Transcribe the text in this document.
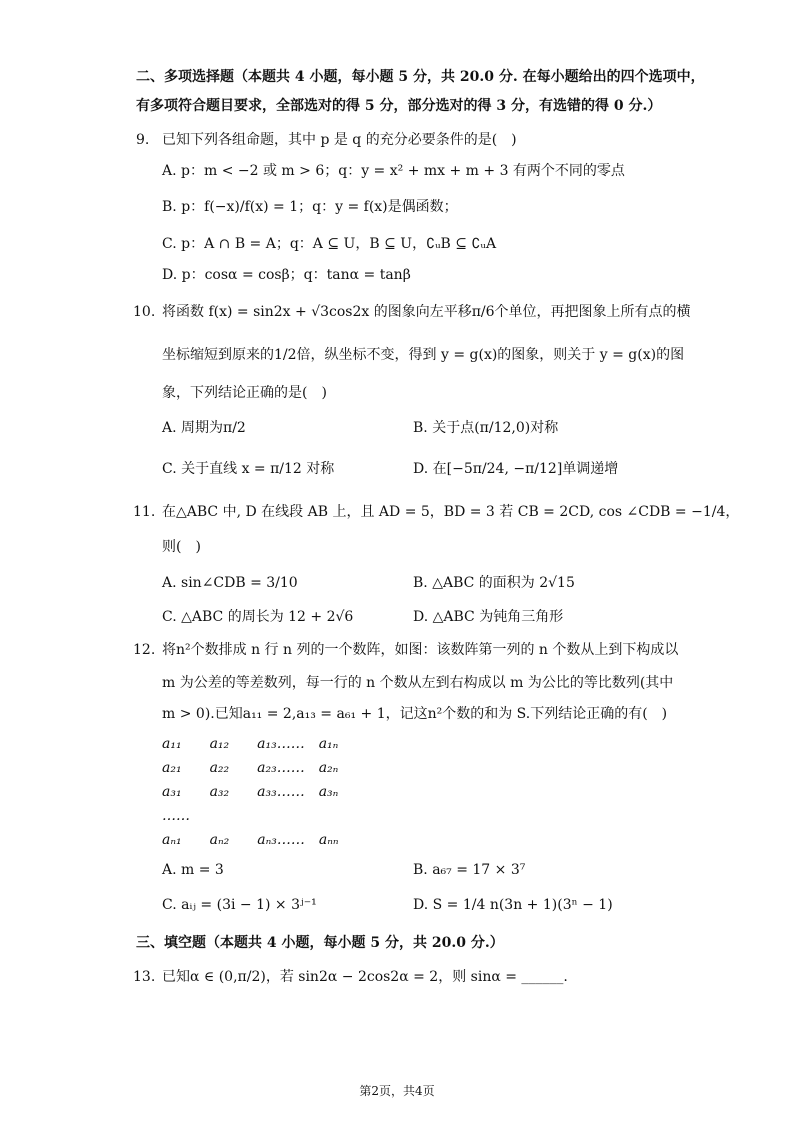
二、多项选择题（本题共 4 小题，每小题 5 分，共 20.0 分. 在每小题给出的四个选项中，
有多项符合题目要求，全部选对的得 5 分，部分选对的得 3 分，有选错的得 0 分.）
9. 已知下列各组命题，其中 p 是 q 的充分必要条件的是(　)
A. p：m < −2 或 m > 6；q：y = x² + mx + m + 3 有两个不同的零点
B. p：f(−x)/f(x) = 1；q：y = f(x)是偶函数；
C. p：A ∩ B = A；q：A ⊆ U，B ⊆ U，∁ᵤB ⊆ ∁ᵤA
D. p：cosα = cosβ；q：tanα = tanβ
10. 将函数 f(x) = sin2x + √3cos2x 的图象向左平移π/6个单位，再把图象上所有点的横
坐标缩短到原来的1/2倍，纵坐标不变，得到 y = g(x)的图象，则关于 y = g(x)的图
象，下列结论正确的是(　)
A. 周期为π/2	B. 关于点(π/12,0)对称
C. 关于直线 x = π/12 对称	D. 在[−5π/24, −π/12]单调递增
11. 在△ABC 中, D 在线段 AB 上，且 AD = 5，BD = 3 若 CB = 2CD, cos ∠CDB = −1/4，
则(　)
A. sin∠CDB = 3/10	B. △ABC 的面积为 2√15
C. △ABC 的周长为 12 + 2√6	D. △ABC 为钝角三角形
12. 将n²个数排成 n 行 n 列的一个数阵，如图：该数阵第一列的 n 个数从上到下构成以
m 为公差的等差数列，每一行的 n 个数从左到右构成以 m 为公比的等比数列(其中
m > 0).已知a₁₁ = 2,a₁₃ = a₆₁ + 1，记这n²个数的和为 S.下列结论正确的有(　)
a₁₁　　a₁₂　　a₁₃……　a₁ₙ
a₂₁　　a₂₂　　a₂₃……　a₂ₙ
a₃₁　　a₃₂　　a₃₃……　a₃ₙ
……
aₙ₁　　aₙ₂　　aₙ₃……　aₙₙ
A. m = 3	B. a₆₇ = 17 × 3⁷
C. aᵢⱼ = (3i − 1) × 3ʲ⁻¹	D. S = 1/4 n(3n + 1)(3ⁿ − 1)
三、填空题（本题共 4 小题，每小题 5 分，共 20.0 分.）
13. 已知α ∈ (0,π/2)，若 sin2α − 2cos2α = 2，则 sinα = ______.
第2页，共4页
